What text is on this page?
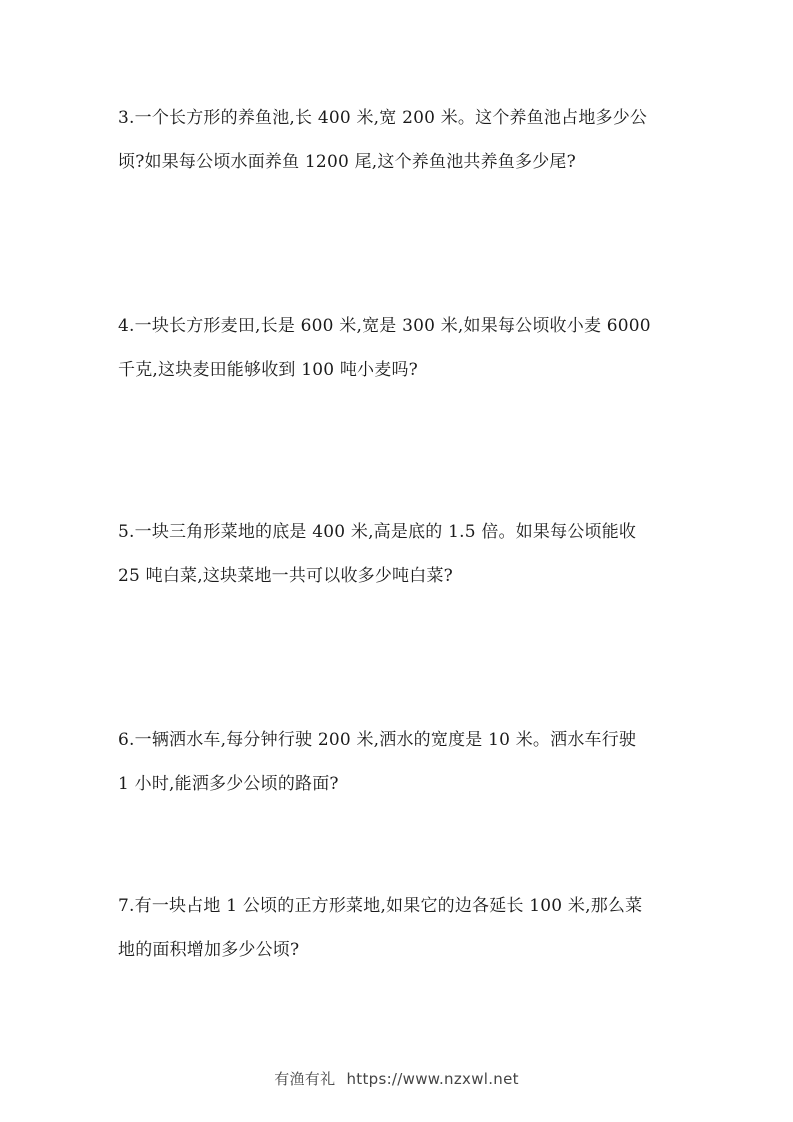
3.一个长方形的养鱼池,长 400 米,宽 200 米。这个养鱼池占地多少公
顷?如果每公顷水面养鱼 1200 尾,这个养鱼池共养鱼多少尾?
4.一块长方形麦田,长是 600 米,宽是 300 米,如果每公顷收小麦 6000
千克,这块麦田能够收到 100 吨小麦吗?
5.一块三角形菜地的底是 400 米,高是底的 1.5 倍。如果每公顷能收
25 吨白菜,这块菜地一共可以收多少吨白菜?
6.一辆洒水车,每分钟行驶 200 米,洒水的宽度是 10 米。洒水车行驶
1 小时,能洒多少公顷的路面?
7.有一块占地 1 公顷的正方形菜地,如果它的边各延长 100 米,那么菜
地的面积增加多少公顷?
有渔有礼 https://www.nzxwl.net
